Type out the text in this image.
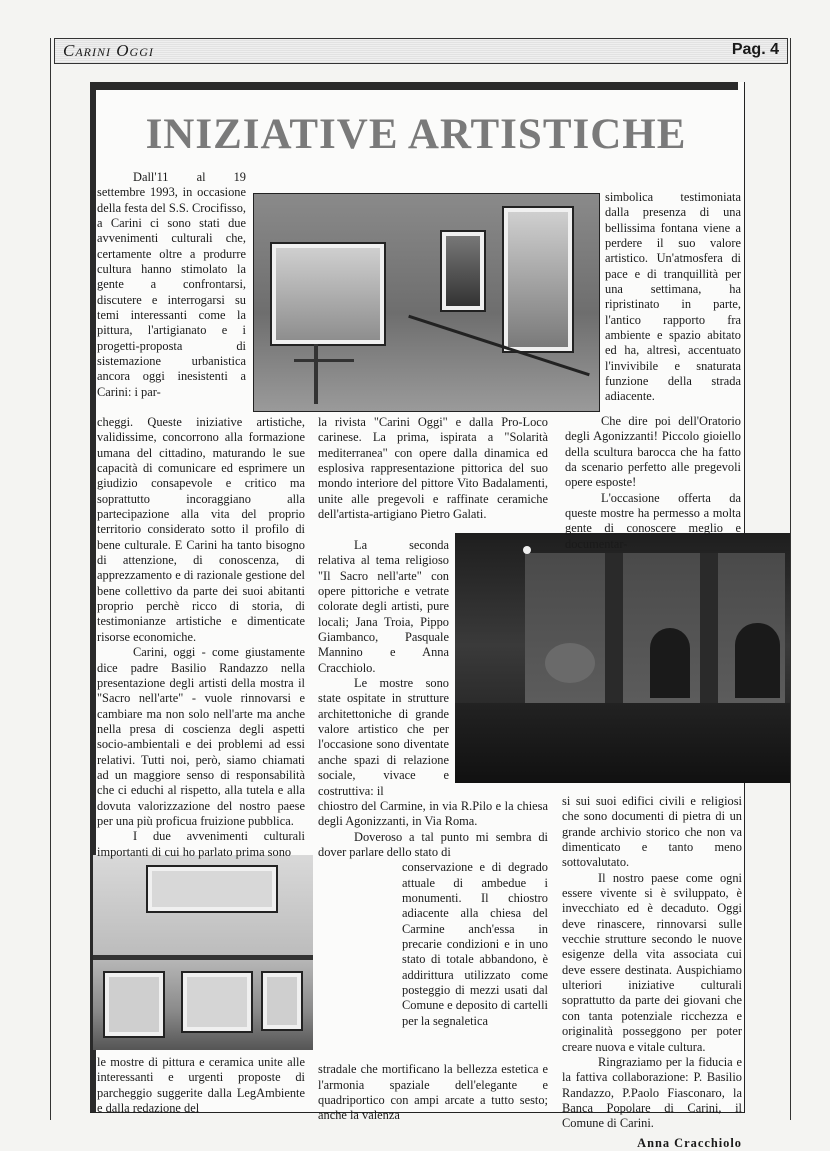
Carini Oggi	Pag. 4
INIZIATIVE ARTISTICHE

Dall'11 al 19 settembre 1993, in occasione della festa del S.S. Crocifisso, a Carini ci sono stati due avvenimenti culturali che, certamente oltre a produrre cultura hanno stimolato la gente a confrontarsi, discutere e interrogarsi su temi interessanti come la pittura, l'artigianato e i progetti-proposta di sistemazione urbanistica ancora oggi inesistenti a Carini: i par-

cheggi. Queste iniziative artistiche, validissime, concorrono alla formazione umana del cittadino, maturando le sue capacità di comunicare ed esprimere un giudizio consapevole e critico ma soprattutto incoraggiano alla partecipazione alla vita del proprio territorio considerato sotto il profilo di bene culturale. E Carini ha tanto bisogno di attenzione, di conoscenza, di apprezzamento e di razionale gestione del bene collettivo da parte dei suoi abitanti proprio perchè ricco di storia, di testimonianze artistiche e dimenticate risorse economiche.

Carini, oggi - come giustamente dice padre Basilio Randazzo nella presentazione degli artisti della mostra il "Sacro nell'arte" - vuole rinnovarsi e cambiare ma non solo nell'arte ma anche nella presa di coscienza degli aspetti socio-ambientali e dei problemi ad essi relativi. Tutti noi, però, siamo chiamati ad un maggiore senso di responsabilità che ci educhi al rispetto, alla tutela e alla dovuta valorizzazione del nostro paese per una più proficua fruizione pubblica.

I due avvenimenti culturali importanti di cui ho parlato prima sono

le mostre di pittura e ceramica unite alle interessanti e urgenti proposte di parcheggio suggerite dalla LegAmbiente e dalla redazione del

la rivista "Carini Oggi" e dalla Pro-Loco carinese. La prima, ispirata a "Solarità mediterranea" con opere dalla dinamica ed esplosiva rappresentazione pittorica del suo mondo interiore del pittore Vito Badalamenti, unite alle pregevoli e raffinate ceramiche dell'artista-artigiano Pietro Galati.

La seconda relativa al tema religioso "Il Sacro nell'arte" con opere pittoriche e vetrate colorate degli artisti, pure locali; Jana Troia, Pippo Giambanco, Pasquale Mannino e Anna Cracchiolo.

Le mostre sono state ospitate in strutture architettoniche di grande valore artistico che per l'occasione sono diventate anche spazi di relazione sociale, vivace e costruttiva: il

chiostro del Carmine, in via R.Pilo e la chiesa degli Agonizzanti, in Via Roma.

Doveroso a tal punto mi sembra di dover parlare dello stato di

conservazione e di degrado attuale di ambedue i monumenti. Il chiostro adiacente alla chiesa del Carmine anch'essa in precarie condizioni e in uno stato di totale abbandono, è addirittura utilizzato come posteggio di mezzi usati dal Comune e deposito di cartelli per la segnaletica

stradale che mortificano la bellezza estetica e l'armonia spaziale dell'elegante e quadriportico con ampi arcate a tutto sesto; anche la valenza

simbolica testimoniata dalla presenza di una bellissima fontana viene a perdere il suo valore artistico. Un'atmosfera di pace e di tranquillità per una settimana, ha ripristinato in parte, l'antico rapporto fra ambiente e spazio abitato ed ha, altresì, accentuato l'invivibile e snaturata funzione della strada adiacente.

Che dire poi dell'Oratorio degli Agonizzanti! Piccolo gioiello della scultura barocca che ha fatto da scenario perfetto alle pregevoli opere esposte!

L'occasione offerta da queste mostre ha permesso a molta gente di conoscere meglio e documentar-

si sui suoi edifici civili e religiosi che sono documenti di pietra di un grande archivio storico che non va dimenticato e tanto meno sottovalutato.

Il nostro paese come ogni essere vivente si è sviluppato, è invecchiato ed è decaduto. Oggi deve rinascere, rinnovarsi sulle vecchie strutture secondo le nuove esigenze della vita associata cui deve essere destinata. Auspichiamo ulteriori iniziative culturali soprattutto da parte dei giovani che con tanta potenziale ricchezza e originalità posseggono per poter creare nuova e vitale cultura.

Ringraziamo per la fiducia e la fattiva collaborazione: P. Basilio Randazzo, P.Paolo Fiasconaro, la Banca Popolare di Carini, il Comune di Carini.

Anna Cracchiolo
